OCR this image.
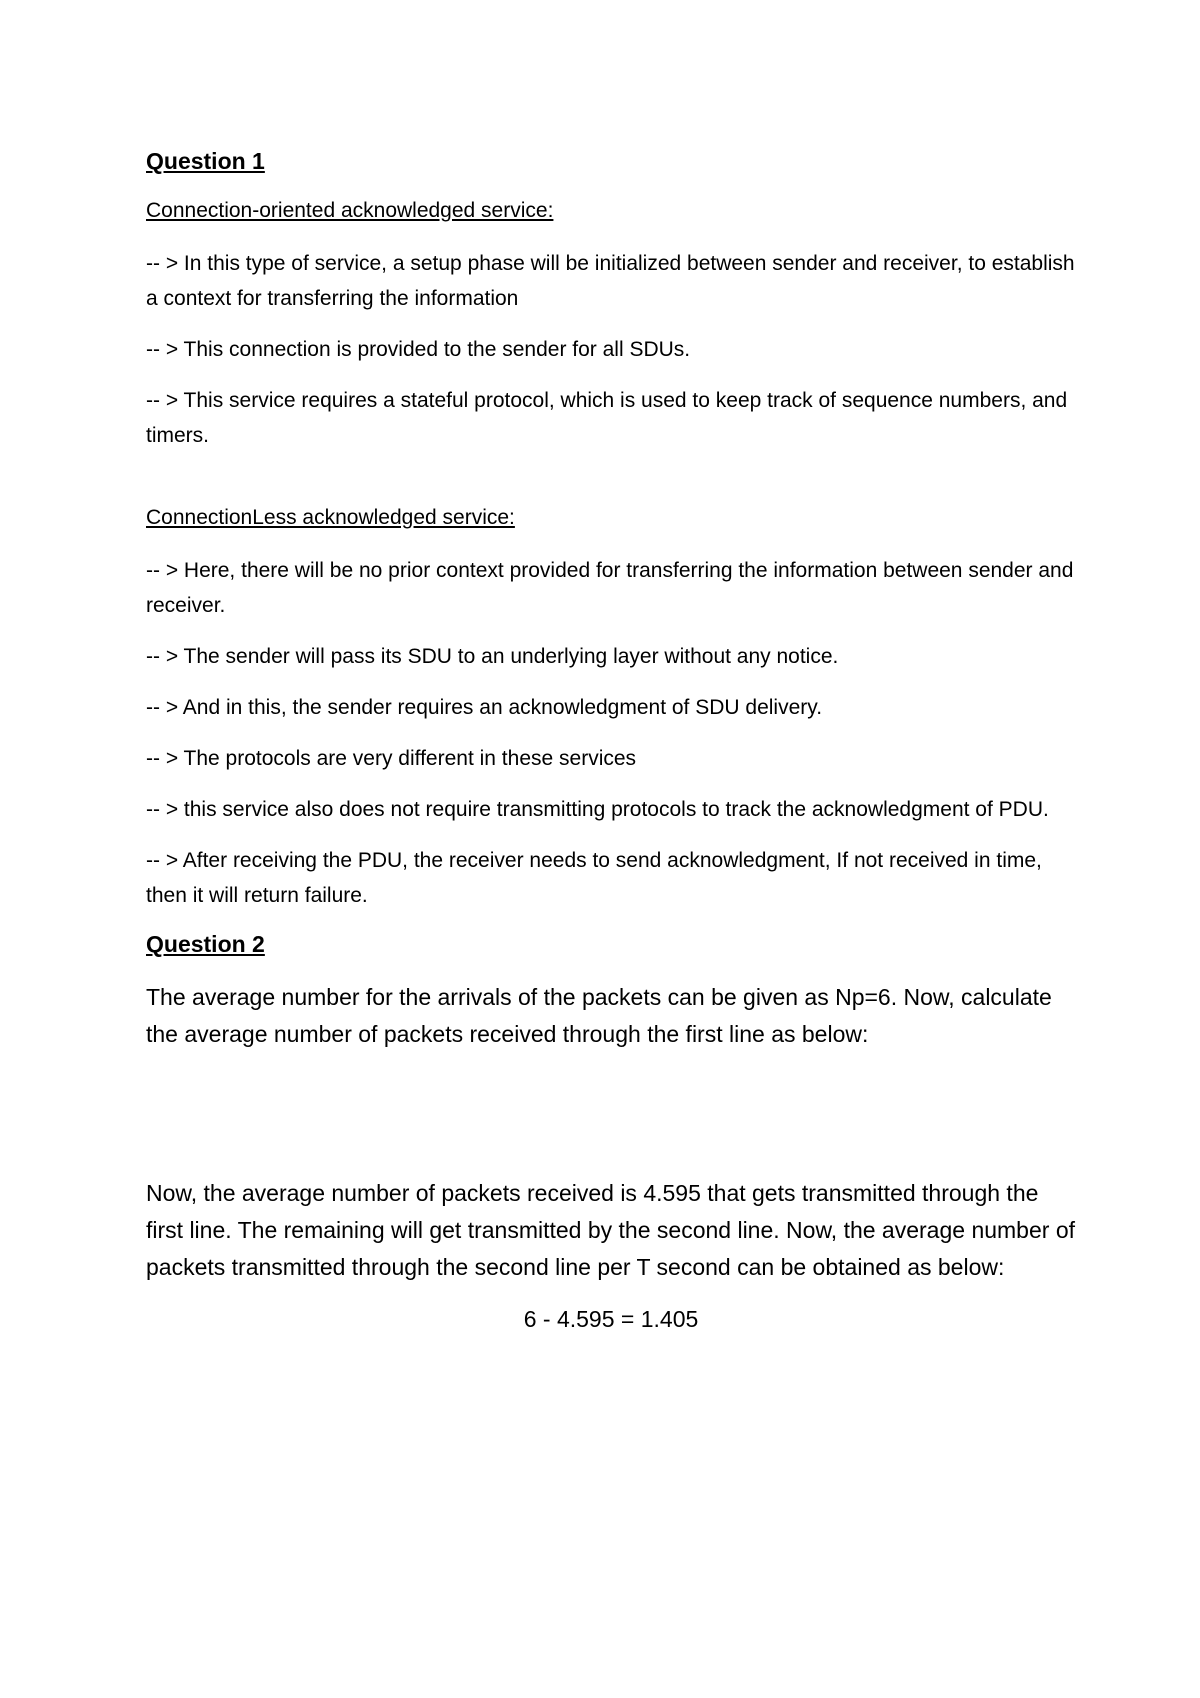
Question 1
Connection-oriented acknowledged service:
-- > In this type of service, a setup phase will be initialized between sender and receiver, to establish a context for transferring the information
-- > This connection is provided to the sender for all SDUs.
-- > This service requires a stateful protocol, which is used to keep track of sequence numbers, and timers.
ConnectionLess acknowledged service:
-- > Here, there will be no prior context provided for transferring the information between sender and receiver.
-- > The sender will pass its SDU to an underlying layer without any notice.
-- > And in this, the sender requires an acknowledgment of SDU delivery.
-- > The protocols are very different in these services
-- > this service also does not require transmitting protocols to track the acknowledgment of PDU.
-- > After receiving the PDU, the receiver needs to send acknowledgment, If not received in time, then it will return failure.
Question 2
The average number for the arrivals of the packets can be given as Np=6. Now, calculate the average number of packets received through the first line as below:
Now, the average number of packets received is 4.595 that gets transmitted through the first line. The remaining will get transmitted by the second line. Now, the average number of packets transmitted through the second line per T second can be obtained as below:
6 - 4.595 = 1.405
